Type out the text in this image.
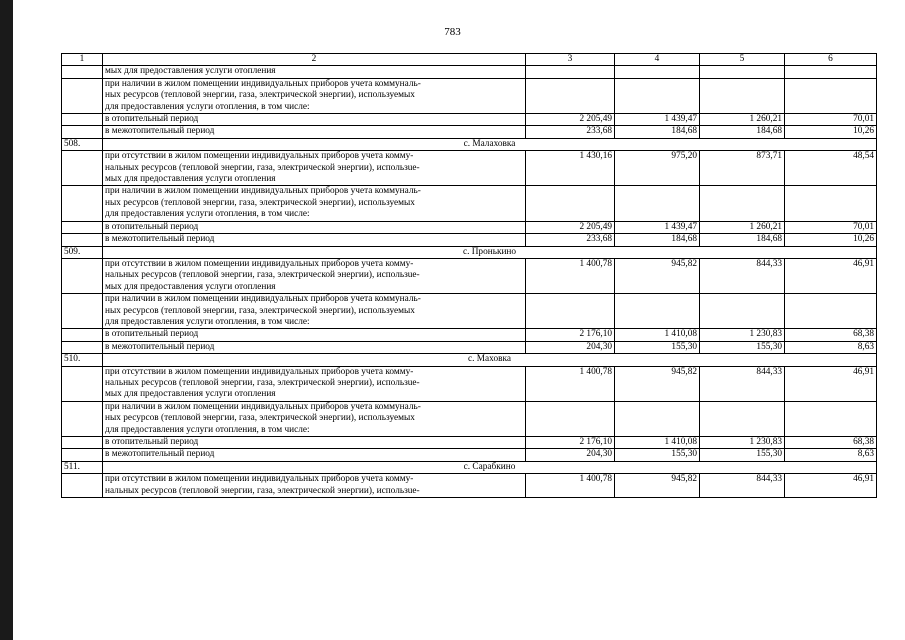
783
1	2	3	4	5	6
	мых для предоставления услуги отопления				

	при наличии в жилом помещении индивидуальных приборов учета коммуналь-
ных ресурсов (тепловой энергии, газа, электрической энергии), используемых
для предоставления услуги отопления, в том числе:				

	в отопительный период	2 205,49	1 439,47	1 260,21	70,01
	в межотопительный период	233,68	184,68	184,68	10,26
508.	с. Малаховка				

	при отсутствии в жилом помещении индивидуальных приборов учета комму-
нальных ресурсов (тепловой энергии, газа, электрической энергии), использue-
мых для предоставления услуги отопления	1 430,16	975,20	873,71	48,54

	при наличии в жилом помещении индивидуальных приборов учета коммуналь-
ных ресурсов (тепловой энергии, газа, электрической энергии), используемых
для предоставления услуги отопления, в том числе:				

	в отопительный период	2 205,49	1 439,47	1 260,21	70,01
	в межотопительный период	233,68	184,68	184,68	10,26
509.	с. Пронькино				

	при отсутствии в жилом помещении индивидуальных приборов учета комму-
нальных ресурсов (тепловой энергии, газа, электрической энергии), использue-
мых для предоставления услуги отопления	1 400,78	945,82	844,33	46,91

	при наличии в жилом помещении индивидуальных приборов учета коммуналь-
ных ресурсов (тепловой энергии, газа, электрической энергии), используемых
для предоставления услуги отопления, в том числе:				

	в отопительный период	2 176,10	1 410,08	1 230,83	68,38
	в межотопительный период	204,30	155,30	155,30	8,63
510.	с. Маховка				

	при отсутствии в жилом помещении индивидуальных приборов учета комму-
нальных ресурсов (тепловой энергии, газа, электрической энергии), использue-
мых для предоставления услуги отопления	1 400,78	945,82	844,33	46,91

	при наличии в жилом помещении индивидуальных приборов учета коммуналь-
ных ресурсов (тепловой энергии, газа, электрической энергии), используемых
для предоставления услуги отопления, в том числе:				

	в отопительный период	2 176,10	1 410,08	1 230,83	68,38
	в межотопительный период	204,30	155,30	155,30	8,63
511.	с. Сарабкино				

	при отсутствии в жилом помещении индивидуальных приборов учета комму-
нальных ресурсов (тепловой энергии, газа, электрической энергии), использue-	1 400,78	945,82	844,33	46,91
